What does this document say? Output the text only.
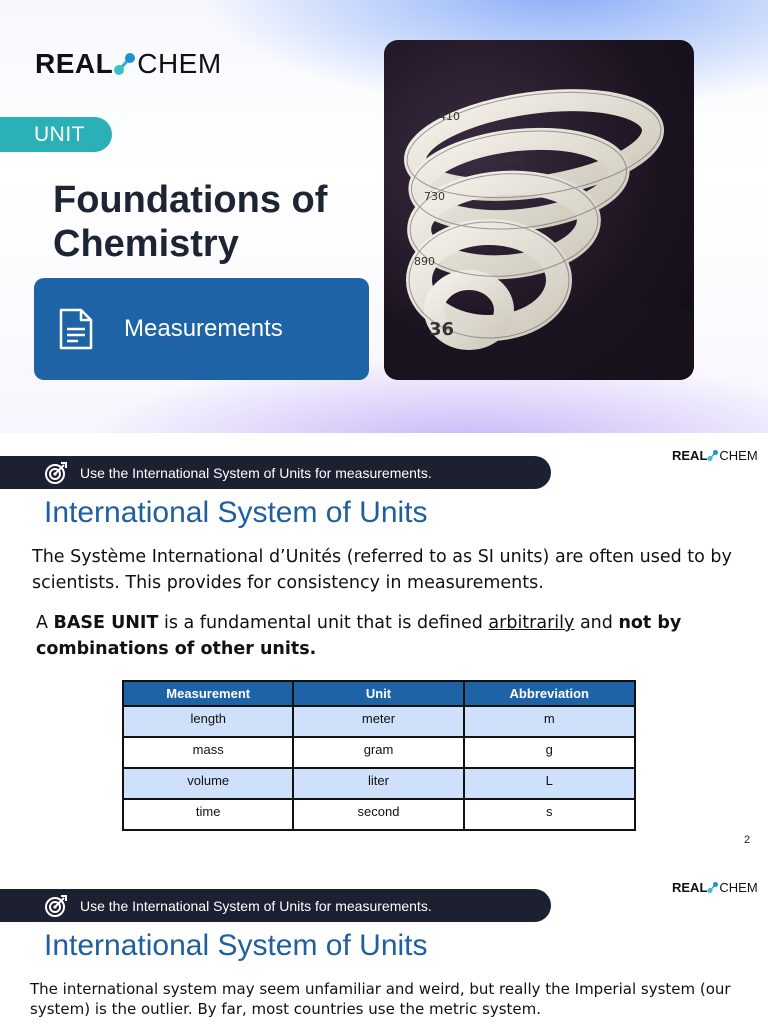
REAL CHEM
UNIT
Foundations of Chemistry
Measurements
410
640
730
890
36
REAL CHEM
Use the International System of Units for measurements.
International System of Units
The Système International d’Unités (referred to as SI units) are often used to by scientists. This provides for consistency in measurements.
A BASE UNIT is a fundamental unit that is defined arbitrarily and not by combinations of other units.
Measurement	Unit	Abbreviation
length	meter	m
mass	gram	g
volume	liter	L
time	second	s
2
REAL CHEM
Use the International System of Units for measurements.
International System of Units
The international system may seem unfamiliar and weird, but really the Imperial system (our system) is the outlier. By far, most countries use the metric system.
